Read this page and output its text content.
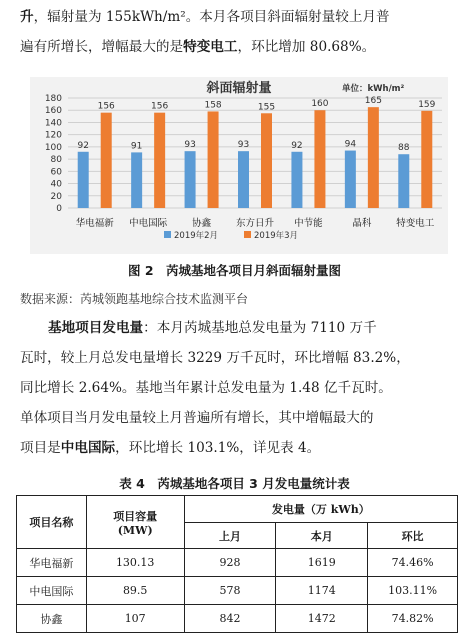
升，辐射量为 155kWh/m²。本月各项目斜面辐射量较上月普
遍有所增长，增幅最大的是特变电工，环比增加 80.68%。
斜面辐射量	单位：kWh/m²
0
20
40
60
80
100
120
140
160
180
92
156
华电福新
91
156
中电国际
93
158
协鑫
93
155
东方日升
92
160
中节能
94
165
晶科
88
159
特变电工
2019年2月	2019年3月
图 2　芮城基地各项目月斜面辐射量图
数据来源：芮城领跑基地综合技术监测平台
基地项目发电量：本月芮城基地总发电量为 7110 万千
瓦时，较上月总发电量增长 3229 万千瓦时，环比增幅 83.2%，
同比增长 2.64%。基地当年累计总发电量为 1.48 亿千瓦时。
单体项目当月发电量较上月普遍所有增长，其中增幅最大的
项目是中电国际，环比增长 103.1%，详见表 4。
表 4　芮城基地各项目 3 月发电量统计表
项目名称	项目容量
(MW)	发电量（万 kWh）		
		上月	本月	环比
华电福新	130.13	928	1619	74.46%
中电国际	89.5	578	1174	103.11%
协鑫	107	842	1472	74.82%
